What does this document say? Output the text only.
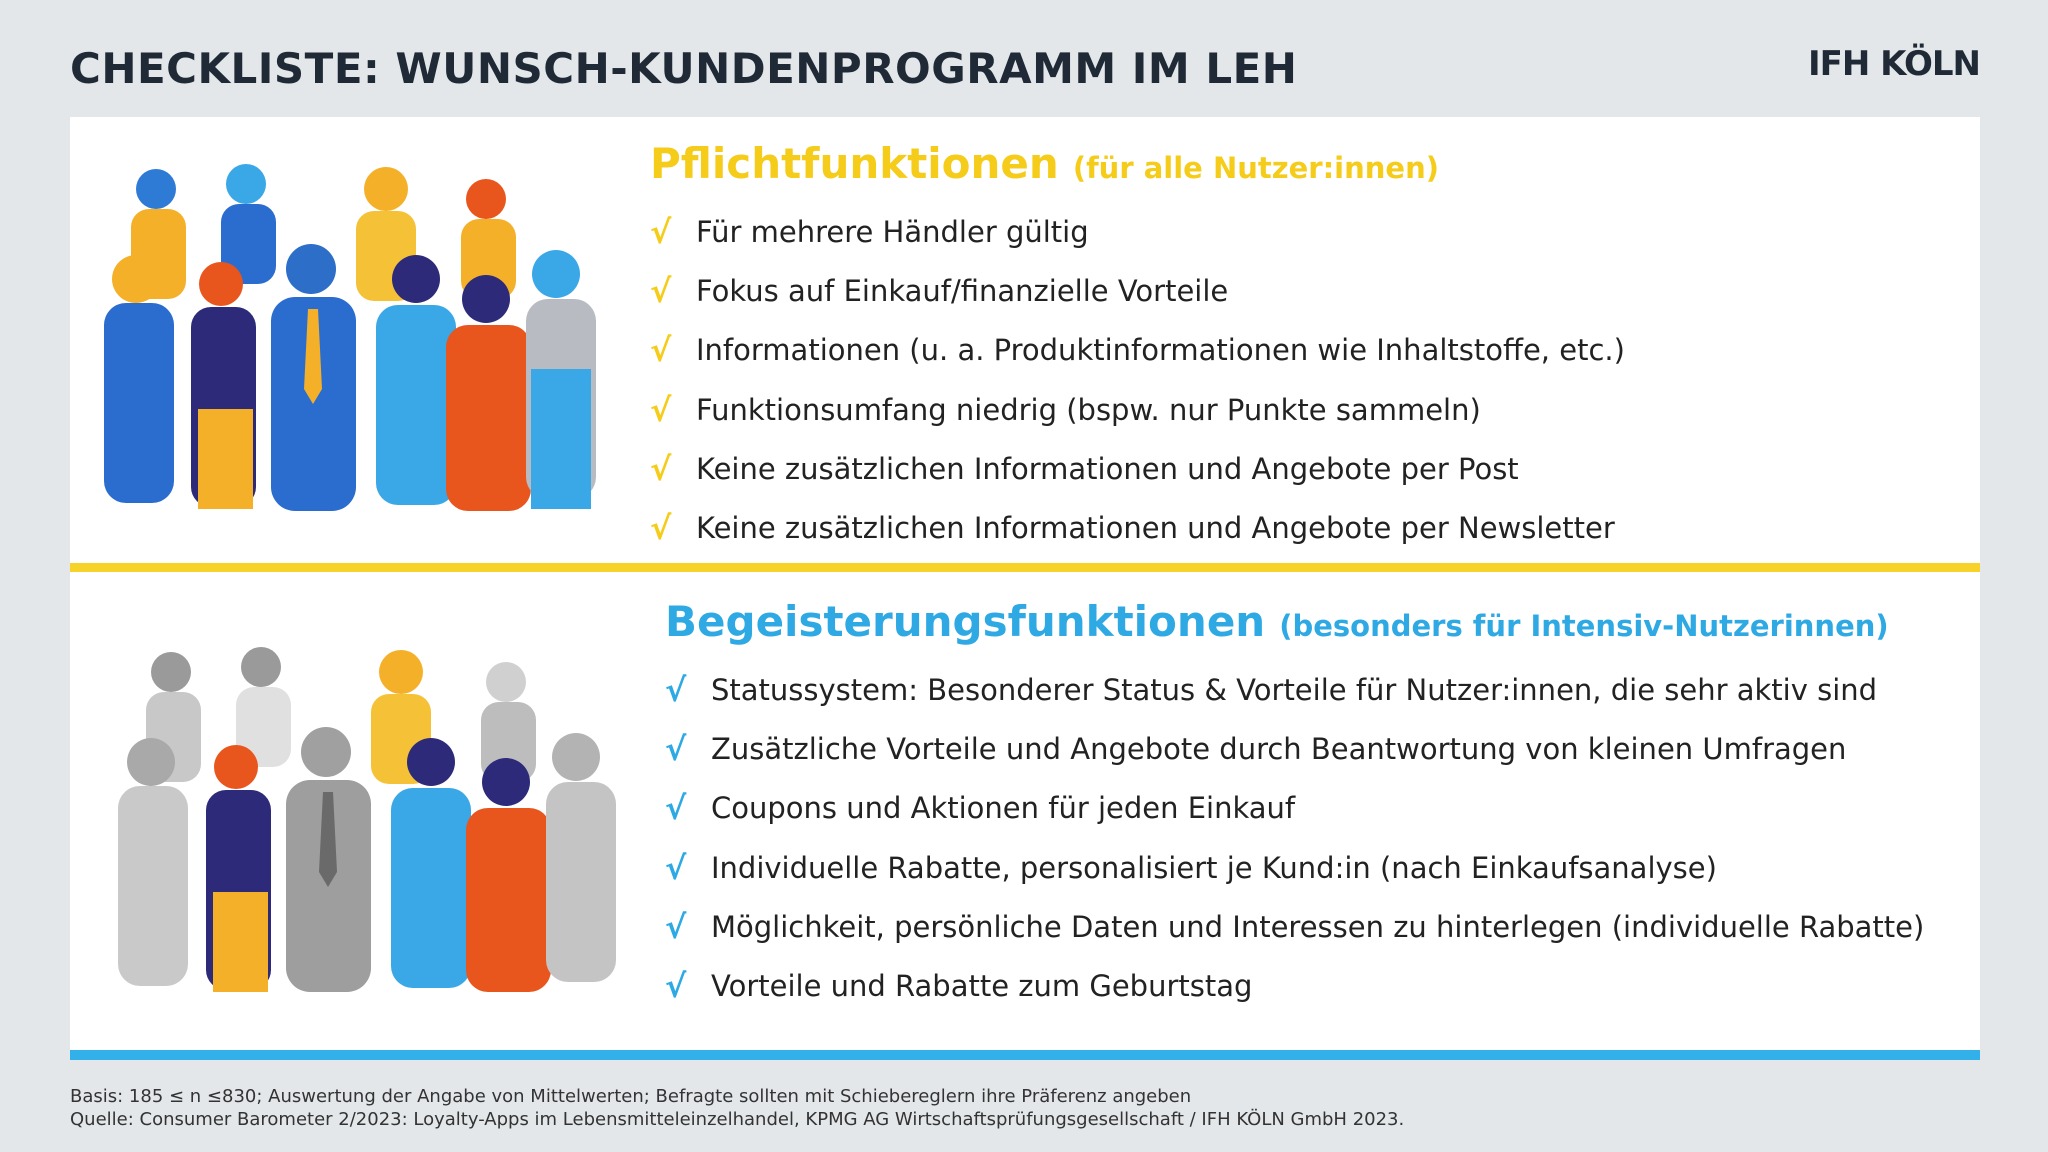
CHECKLISTE: WUNSCH-KUNDENPROGRAMM IM LEH	IFH KÖLN
Pflichtfunktionen (für alle Nutzer:innen)
√ Für mehrere Händler gültig
√ Fokus auf Einkauf/finanzielle Vorteile
√ Informationen (u. a. Produktinformationen wie Inhaltstoffe, etc.)
√ Funktionsumfang niedrig (bspw. nur Punkte sammeln)
√ Keine zusätzlichen Informationen und Angebote per Post
√ Keine zusätzlichen Informationen und Angebote per Newsletter
Begeisterungsfunktionen (besonders für Intensiv-Nutzerinnen)
√ Statussystem: Besonderer Status & Vorteile für Nutzer:innen, die sehr aktiv sind
√ Zusätzliche Vorteile und Angebote durch Beantwortung von kleinen Umfragen
√ Coupons und Aktionen für jeden Einkauf
√ Individuelle Rabatte, personalisiert je Kund:in (nach Einkaufsanalyse)
√ Möglichkeit, persönliche Daten und Interessen zu hinterlegen (individuelle Rabatte)
√ Vorteile und Rabatte zum Geburtstag
Basis: 185 ≤ n ≤830; Auswertung der Angabe von Mittelwerten; Befragte sollten mit Schiebereglern ihre Präferenz angeben
Quelle: Consumer Barometer 2/2023: Loyalty-Apps im Lebensmitteleinzelhandel, KPMG AG Wirtschaftsprüfungsgesellschaft / IFH KÖLN GmbH 2023.
